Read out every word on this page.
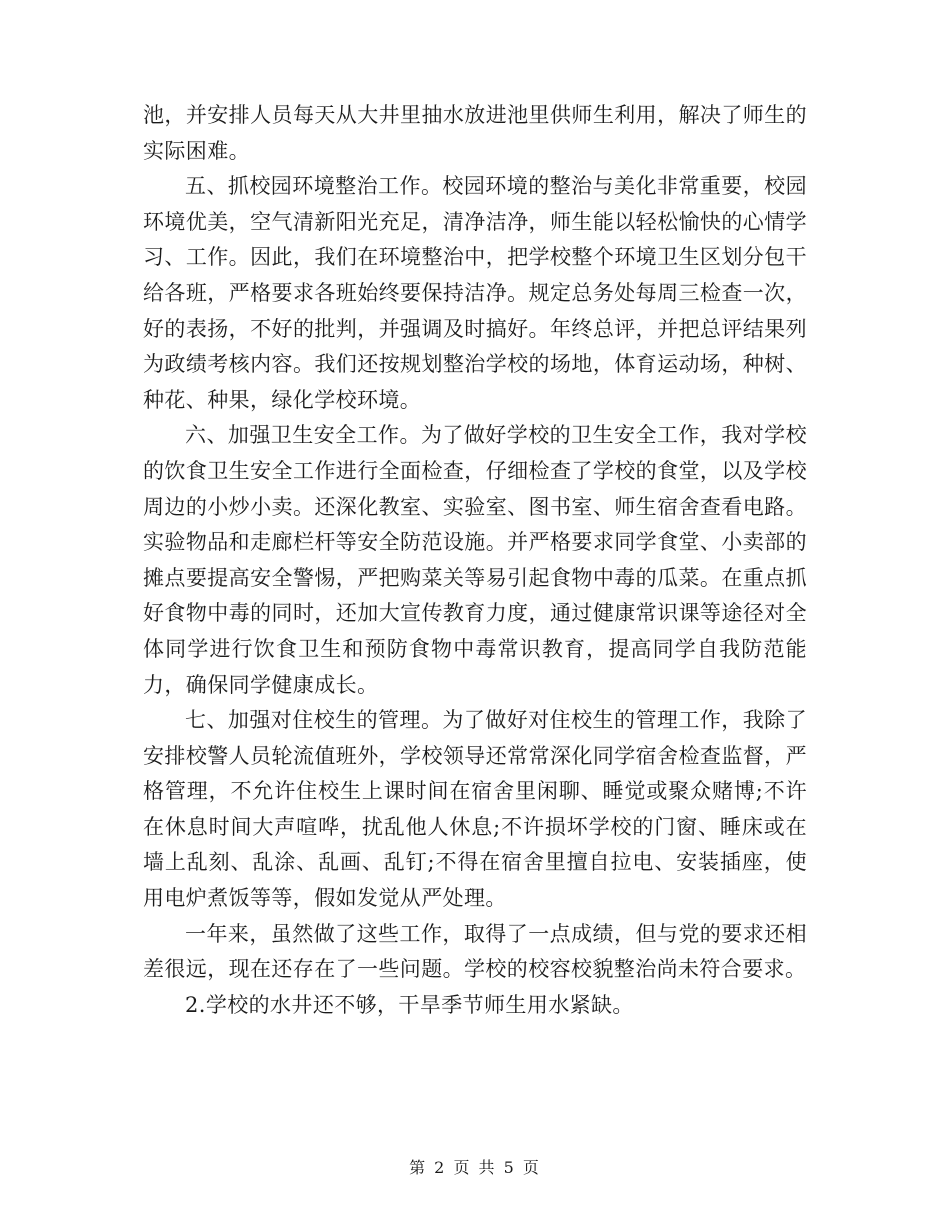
池，并安排人员每天从大井里抽水放进池里供师生利用，解决了师生的实际困难。

五、抓校园环境整治工作。校园环境的整治与美化非常重要，校园环境优美，空气清新阳光充足，清净洁净，师生能以轻松愉快的心情学习、工作。因此，我们在环境整治中，把学校整个环境卫生区划分包干给各班，严格要求各班始终要保持洁净。规定总务处每周三检查一次，好的表扬，不好的批判，并强调及时搞好。年终总评，并把总评结果列为政绩考核内容。我们还按规划整治学校的场地，体育运动场，种树、种花、种果，绿化学校环境。

六、加强卫生安全工作。为了做好学校的卫生安全工作，我对学校的饮食卫生安全工作进行全面检查，仔细检查了学校的食堂，以及学校周边的小炒小卖。还深化教室、实验室、图书室、师生宿舍查看电路。实验物品和走廊栏杆等安全防范设施。并严格要求同学食堂、小卖部的摊点要提高安全警惕，严把购菜关等易引起食物中毒的瓜菜。在重点抓好食物中毒的同时，还加大宣传教育力度，通过健康常识课等途径对全体同学进行饮食卫生和预防食物中毒常识教育，提高同学自我防范能力，确保同学健康成长。

七、加强对住校生的管理。为了做好对住校生的管理工作，我除了安排校警人员轮流值班外，学校领导还常常深化同学宿舍检查监督，严格管理，不允许住校生上课时间在宿舍里闲聊、睡觉或聚众赌博;不许在休息时间大声喧哗，扰乱他人休息;不许损坏学校的门窗、睡床或在墙上乱刻、乱涂、乱画、乱钉;不得在宿舍里擅自拉电、安装插座，使用电炉煮饭等等，假如发觉从严处理。

一年来，虽然做了这些工作，取得了一点成绩，但与党的要求还相差很远，现在还存在了一些问题。学校的校容校貌整治尚未符合要求。

2.学校的水井还不够，干旱季节师生用水紧缺。

第 2 页 共 5 页
